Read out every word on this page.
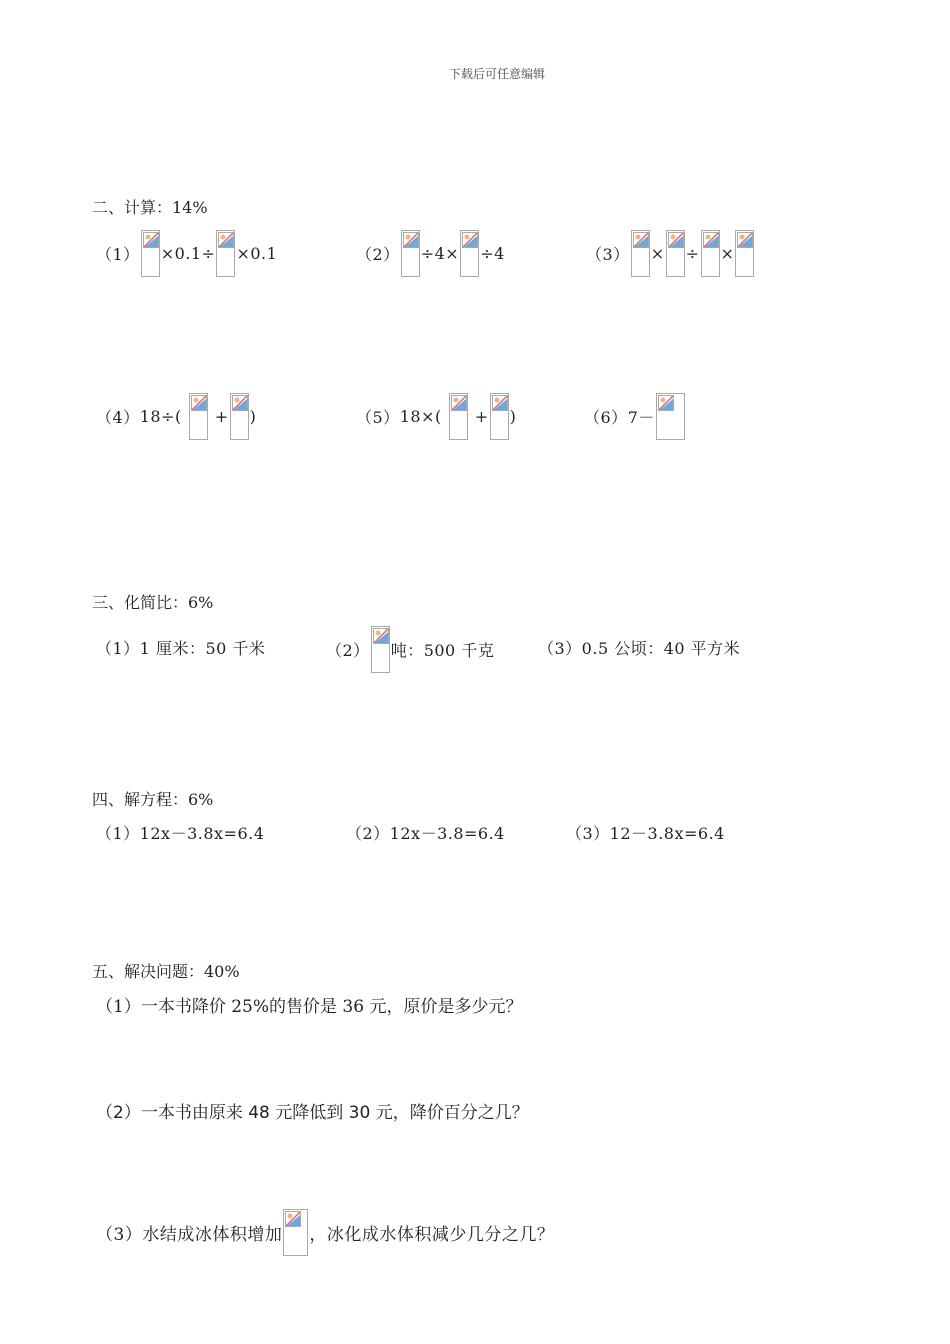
下载后可任意编辑
二、计算：14%
（1） ×0.1÷ ×0.1	（2） ÷4× ÷4	（3） × ÷ ×
（4） 18÷( + )	（5） 18×( + )	（6） 7－
三、化简比：6%
（1）1 厘米：50 千米	（2） 吨：500 千克	（3）0.5 公顷：40 平方米
四、解方程：6%
（1）12x－3.8x=6.4	（2）12x－3.8=6.4	（3）12－3.8x=6.4
五、解决问题：40%
（1）一本书降价 25%的售价是 36 元，原价是多少元？
（2）一本书由原来 48 元降低到 30 元，降价百分之几？
（3）水结成冰体积增加 ，冰化成水体积减少几分之几？
